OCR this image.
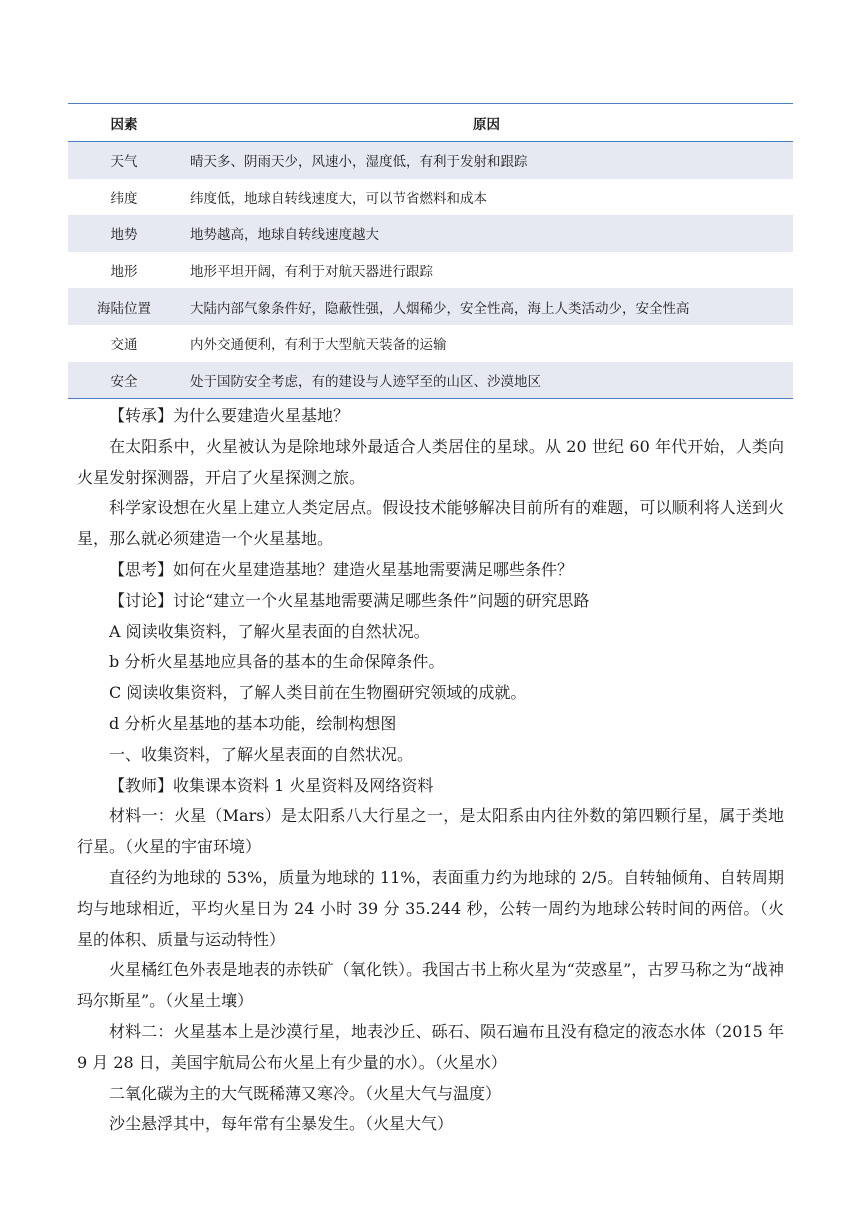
因素	原因
天气	晴天多、阴雨天少，风速小，湿度低，有利于发射和跟踪
纬度	纬度低，地球自转线速度大，可以节省燃料和成本
地势	地势越高，地球自转线速度越大
地形	地形平坦开阔，有利于对航天器进行跟踪
海陆位置	大陆内部气象条件好，隐蔽性强，人烟稀少，安全性高，海上人类活动少，安全性高
交通	内外交通便利，有利于大型航天装备的运输
安全	处于国防安全考虑，有的建设与人迹罕至的山区、沙漠地区

【转承】为什么要建造火星基地？

在太阳系中，火星被认为是除地球外最适合人类居住的星球。从 20 世纪 60 年代开始，人类向火星发射探测器，开启了火星探测之旅。

科学家设想在火星上建立人类定居点。假设技术能够解决目前所有的难题，可以顺利将人送到火星，那么就必须建造一个火星基地。

【思考】如何在火星建造基地？建造火星基地需要满足哪些条件？

【讨论】讨论“建立一个火星基地需要满足哪些条件”问题的研究思路

A 阅读收集资料，了解火星表面的自然状况。

b 分析火星基地应具备的基本的生命保障条件。

C 阅读收集资料，了解人类目前在生物圈研究领域的成就。

d 分析火星基地的基本功能，绘制构想图

一、收集资料，了解火星表面的自然状况。

【教师】收集课本资料 1 火星资料及网络资料

材料一：火星（Mars）是太阳系八大行星之一，是太阳系由内往外数的第四颗行星，属于类地行星。（火星的宇宙环境）

直径约为地球的 53%，质量为地球的 11%，表面重力约为地球的 2/5。自转轴倾角、自转周期均与地球相近，平均火星日为 24 小时 39 分 35.244 秒，公转一周约为地球公转时间的两倍。（火星的体积、质量与运动特性）

火星橘红色外表是地表的赤铁矿（氧化铁）。我国古书上称火星为“荧惑星”，古罗马称之为“战神玛尔斯星”。（火星土壤）

材料二：火星基本上是沙漠行星，地表沙丘、砾石、陨石遍布且没有稳定的液态水体（2015 年 9 月 28 日，美国宇航局公布火星上有少量的水）。（火星水）

二氧化碳为主的大气既稀薄又寒冷。（火星大气与温度）

沙尘悬浮其中，每年常有尘暴发生。（火星大气）
